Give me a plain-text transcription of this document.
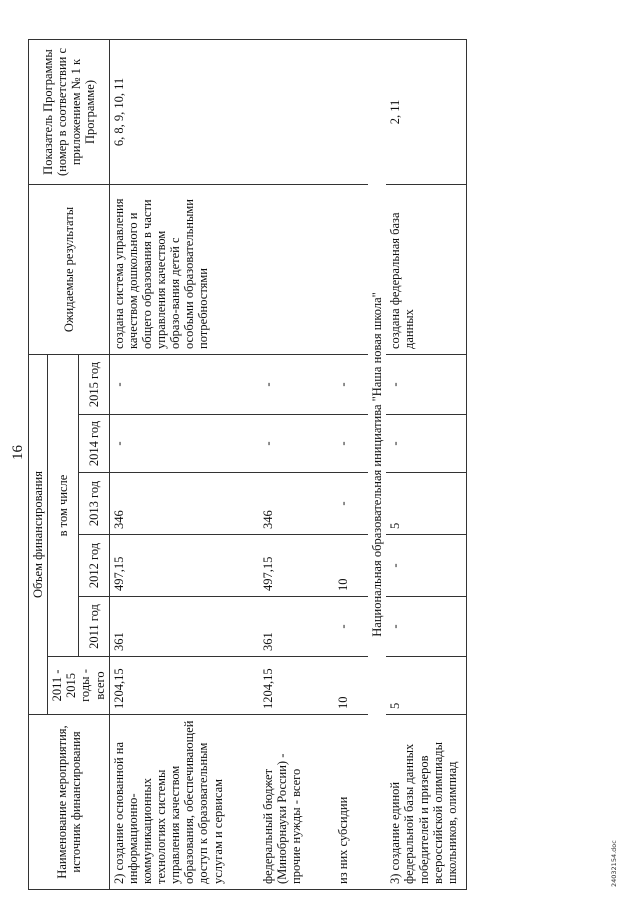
16
Наименование мероприятия, источник финансирования	Объем финансирования						Ожидаемые результаты	Показатель Программы (номер в соответствии с приложением № 1 к Программе)
	2011 - 2015 годы - всего	в том числе						
		2011 год	2012 год	2013 год	2014 год	2015 год		
2) создание основанной на информационно-коммуникационных технологиях системы управления качеством образования, обеспечивающей доступ к образовательным услугам и сервисам	1204,15	361	497,15	346	-	-	создана система управления качеством дошкольного и общего образования в части управления качеством образо-вания детей с особыми образовательными потребностями	6, 8, 9, 10, 11
федеральный бюджет (Минобрнауки России) - прочие нужды - всего	1204,15	361	497,15	346	-	-		
из них субсидии	10	-	10	-	-	-		
Национальная образовательная инициатива "Наша новая школа"								
3) создание единой федеральной базы данных победителей и призеров всероссийской олимпиады школьников, олимпиад	5	-	-	5	-	-	создана федеральная база данных	2, 11
24032154.doc
